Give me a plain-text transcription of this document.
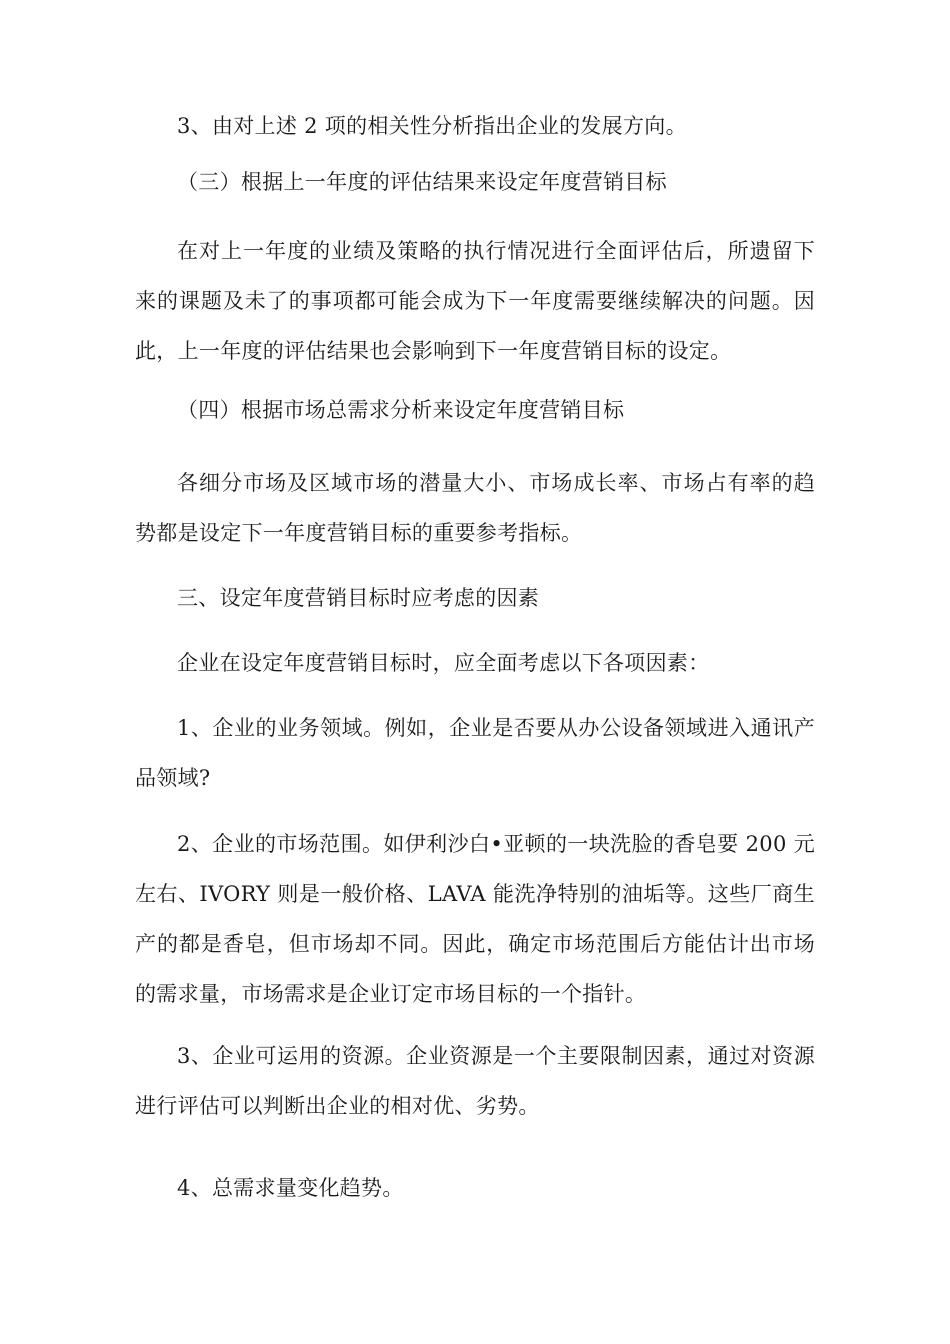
3、由对上述 2 项的相关性分析指出企业的发展方向。

（三）根据上一年度的评估结果来设定年度营销目标

在对上一年度的业绩及策略的执行情况进行全面评估后，所遗留下来的课题及未了的事项都可能会成为下一年度需要继续解决的问题。因此，上一年度的评估结果也会影响到下一年度营销目标的设定。

（四）根据市场总需求分析来设定年度营销目标

各细分市场及区域市场的潜量大小、市场成长率、市场占有率的趋势都是设定下一年度营销目标的重要参考指标。

三、设定年度营销目标时应考虑的因素

企业在设定年度营销目标时，应全面考虑以下各项因素：

1、企业的业务领域。例如，企业是否要从办公设备领域进入通讯产品领域?

2、企业的市场范围。如伊利沙白•亚顿的一块洗脸的香皂要 200 元左右、IVORY 则是一般价格、LAVA 能洗净特别的油垢等。这些厂商生产的都是香皂，但市场却不同。因此，确定市场范围后方能估计出市场的需求量，市场需求是企业订定市场目标的一个指针。

3、企业可运用的资源。企业资源是一个主要限制因素，通过对资源进行评估可以判断出企业的相对优、劣势。

4、总需求量变化趋势。
